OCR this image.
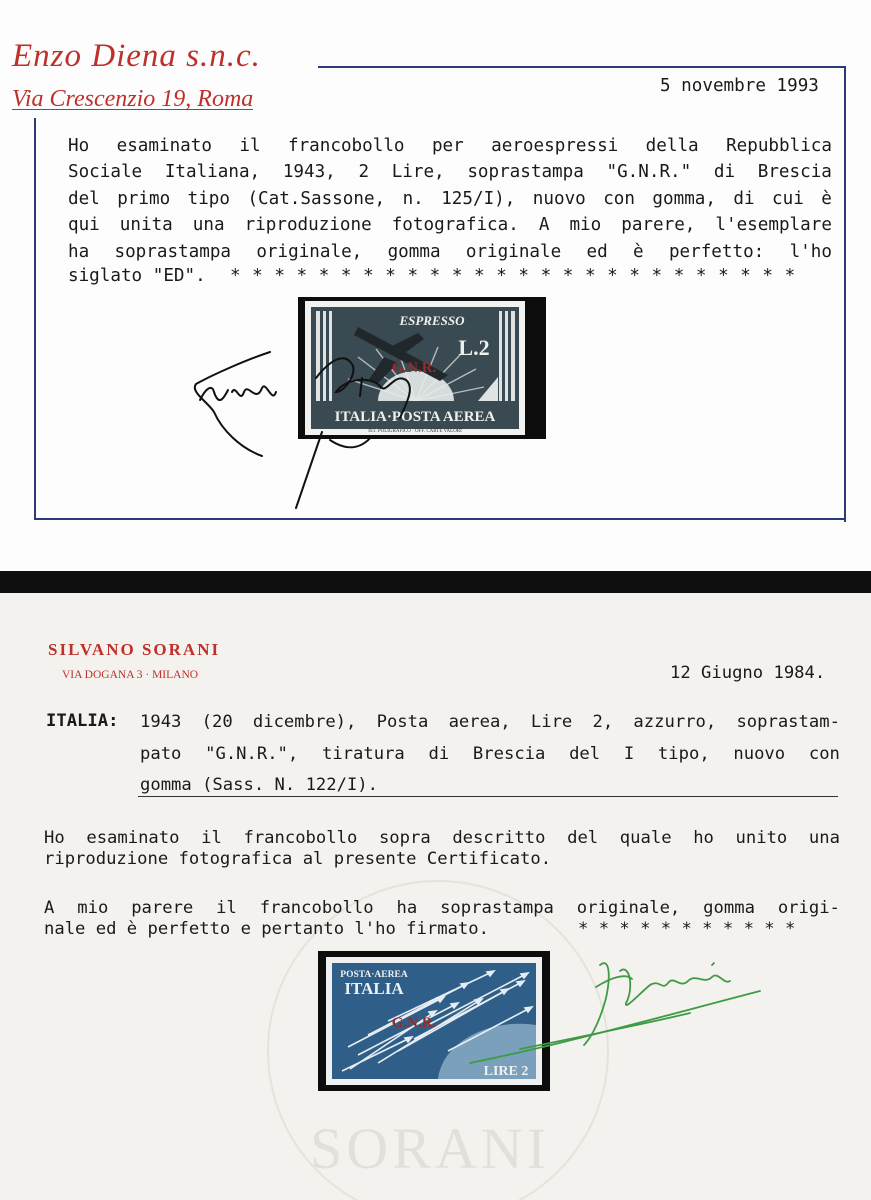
Enzo Diena s.n.c.
Via Crescenzio 19, Roma	5 novembre 1993
Ho esaminato il francobollo per aeroespressi della Repubblica
Sociale Italiana, 1943, 2 Lire, soprastampa "G.N.R." di Brescia
del primo tipo (Cat.Sassone, n. 125/I), nuovo con gomma, di cui è
qui unita una riproduzione fotografica. A mio parere, l'esemplare
ha soprastampa originale, gomma originale ed è perfetto: l'ho
siglato "ED". * * * * * * * * * * * * * * * * * * * * * * * * * *
ESPRESSO
L.2
G.N.R.
ITALIA·POSTA AEREA
IST. POLIGRAFICO · OFF. CARTE VALORI
SORANI
SILVANO SORANI
VIA DOGANA 3 · MILANO	12 Giugno 1984.
ITALIA: 1943 (20 dicembre), Posta aerea, Lire 2, azzurro, soprastam-
pato "G.N.R.", tiratura di Brescia del I tipo, nuovo con
gomma (Sass. N. 122/I).
Ho esaminato il francobollo sopra descritto del quale ho unito una
riproduzione fotografica al presente Certificato.
A mio parere il francobollo ha soprastampa originale, gomma origi-
nale ed è perfetto e pertanto l'ho firmato.	* * * * * * * * * * *
POSTA·AEREA
ITALIA
G.N.R.
LIRE 2
